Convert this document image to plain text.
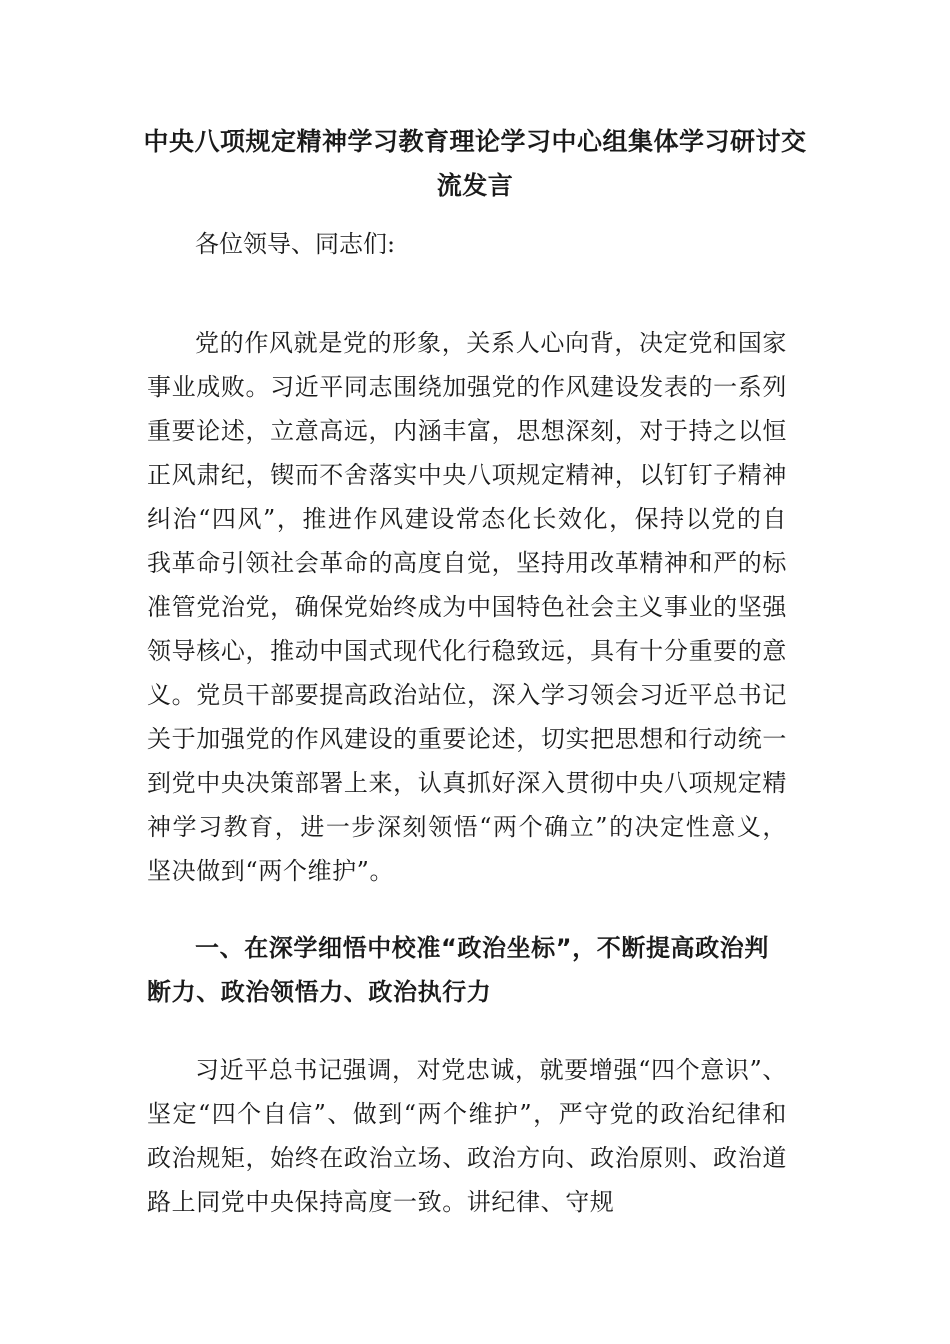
中央八项规定精神学习教育理论学习中心组集体学习研讨交流发言

各位领导、同志们:

党的作风就是党的形象，关系人心向背，决定党和国家事业成败。习近平同志围绕加强党的作风建设发表的一系列重要论述，立意高远，内涵丰富，思想深刻，对于持之以恒正风肃纪，锲而不舍落实中央八项规定精神，以钉钉子精神纠治“四风”，推进作风建设常态化长效化，保持以党的自我革命引领社会革命的高度自觉，坚持用改革精神和严的标准管党治党，确保党始终成为中国特色社会主义事业的坚强领导核心，推动中国式现代化行稳致远，具有十分重要的意义。党员干部要提高政治站位，深入学习领会习近平总书记关于加强党的作风建设的重要论述，切实把思想和行动统一到党中央决策部署上来，认真抓好深入贯彻中央八项规定精神学习教育，进一步深刻领悟“两个确立”的决定性意义，坚决做到“两个维护”。

一、在深学细悟中校准“政治坐标”，不断提高政治判断力、政治领悟力、政治执行力

习近平总书记强调，对党忠诚，就要增强“四个意识”、坚定“四个自信”、做到“两个维护”，严守党的政治纪律和政治规矩，始终在政治立场、政治方向、政治原则、政治道路上同党中央保持高度一致。讲纪律、守规
